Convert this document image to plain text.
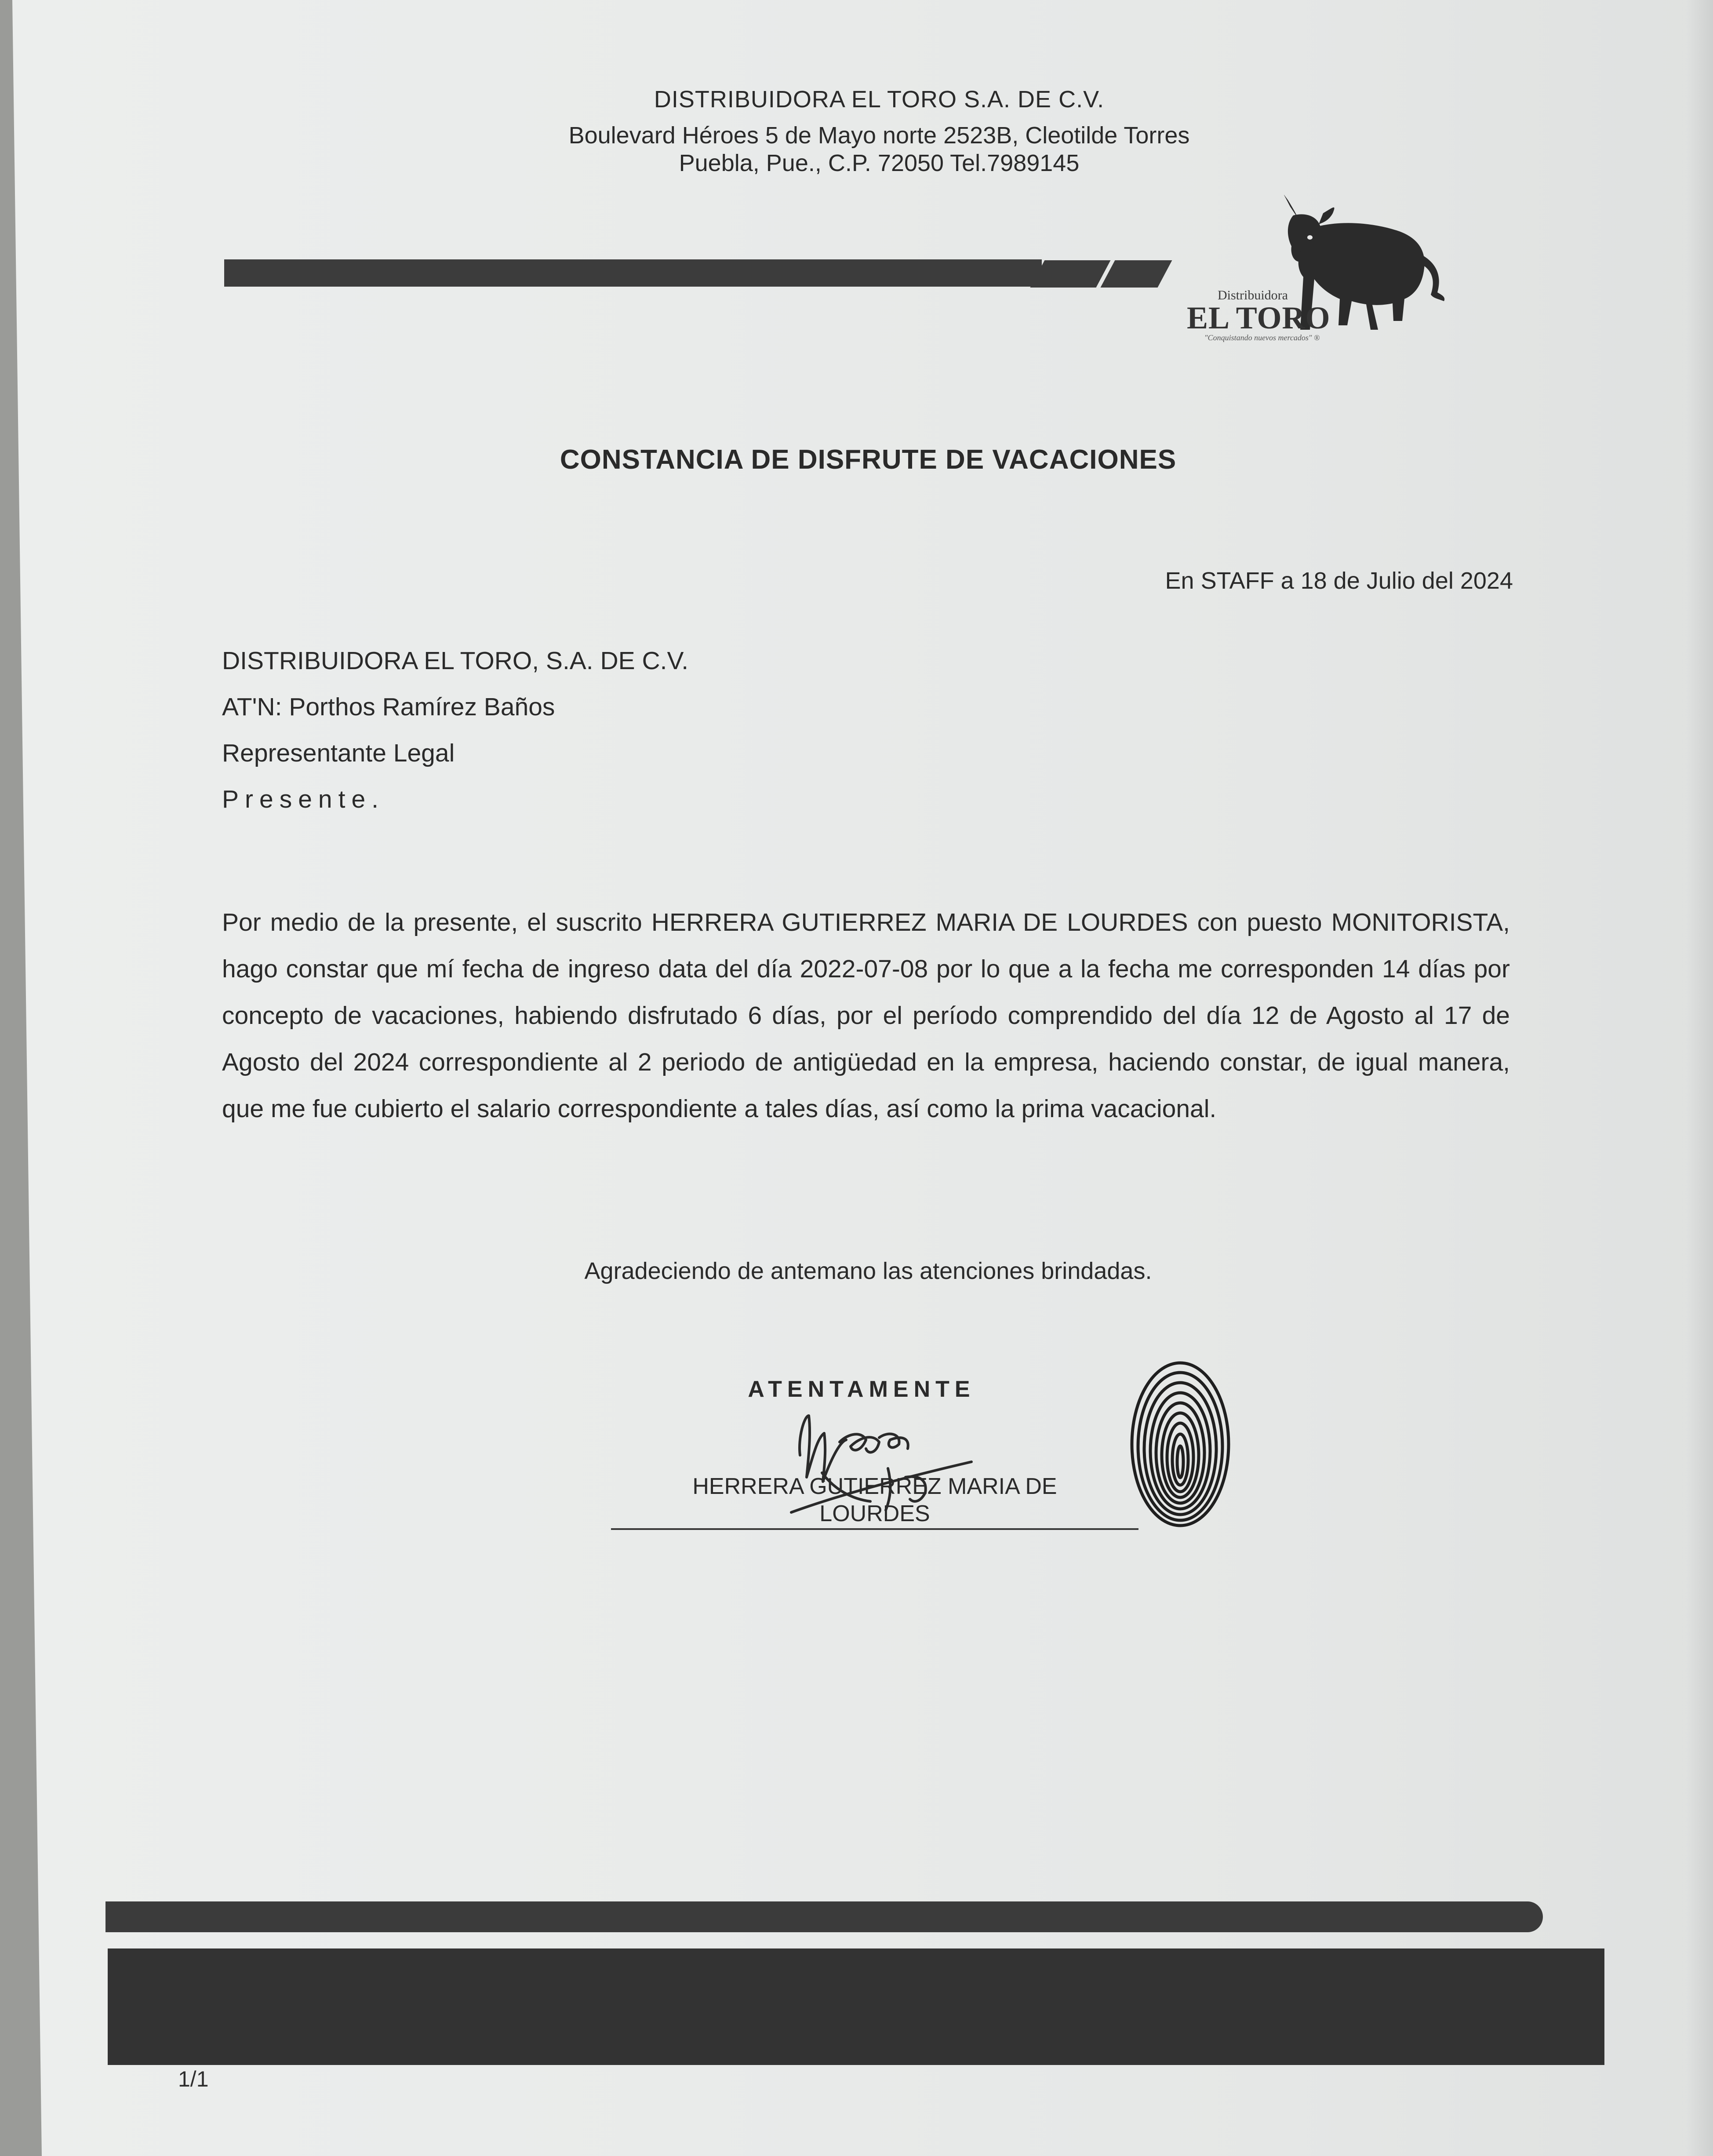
DISTRIBUIDORA EL TORO S.A. DE C.V.
Boulevard Héroes 5 de Mayo norte 2523B, Cleotilde Torres
Puebla, Pue., C.P. 72050 Tel.7989145
Distribuidora
EL TORO
"Conquistando nuevos mercados" ®
CONSTANCIA DE DISFRUTE DE VACACIONES
En STAFF a 18 de Julio del 2024
DISTRIBUIDORA EL TORO, S.A. DE C.V.
AT'N: Porthos Ramírez Baños
Representante Legal
Presente.
Por medio de la presente, el suscrito HERRERA GUTIERREZ MARIA DE LOURDES con puesto MONITORISTA, hago constar que mí fecha de ingreso data del día 2022-07-08 por lo que a la fecha me corresponden 14 días por concepto de vacaciones, habiendo disfrutado 6 días, por el período comprendido del día 12 de Agosto al 17 de Agosto del 2024 correspondiente al 2 periodo de antigüedad en la empresa, haciendo constar, de igual manera, que me fue cubierto el salario correspondiente a tales días, así como la prima vacacional.
Agradeciendo de antemano las atenciones brindadas.
ATENTAMENTE
HERRERA GUTIERREZ MARIA DE
LOURDES
1/1
